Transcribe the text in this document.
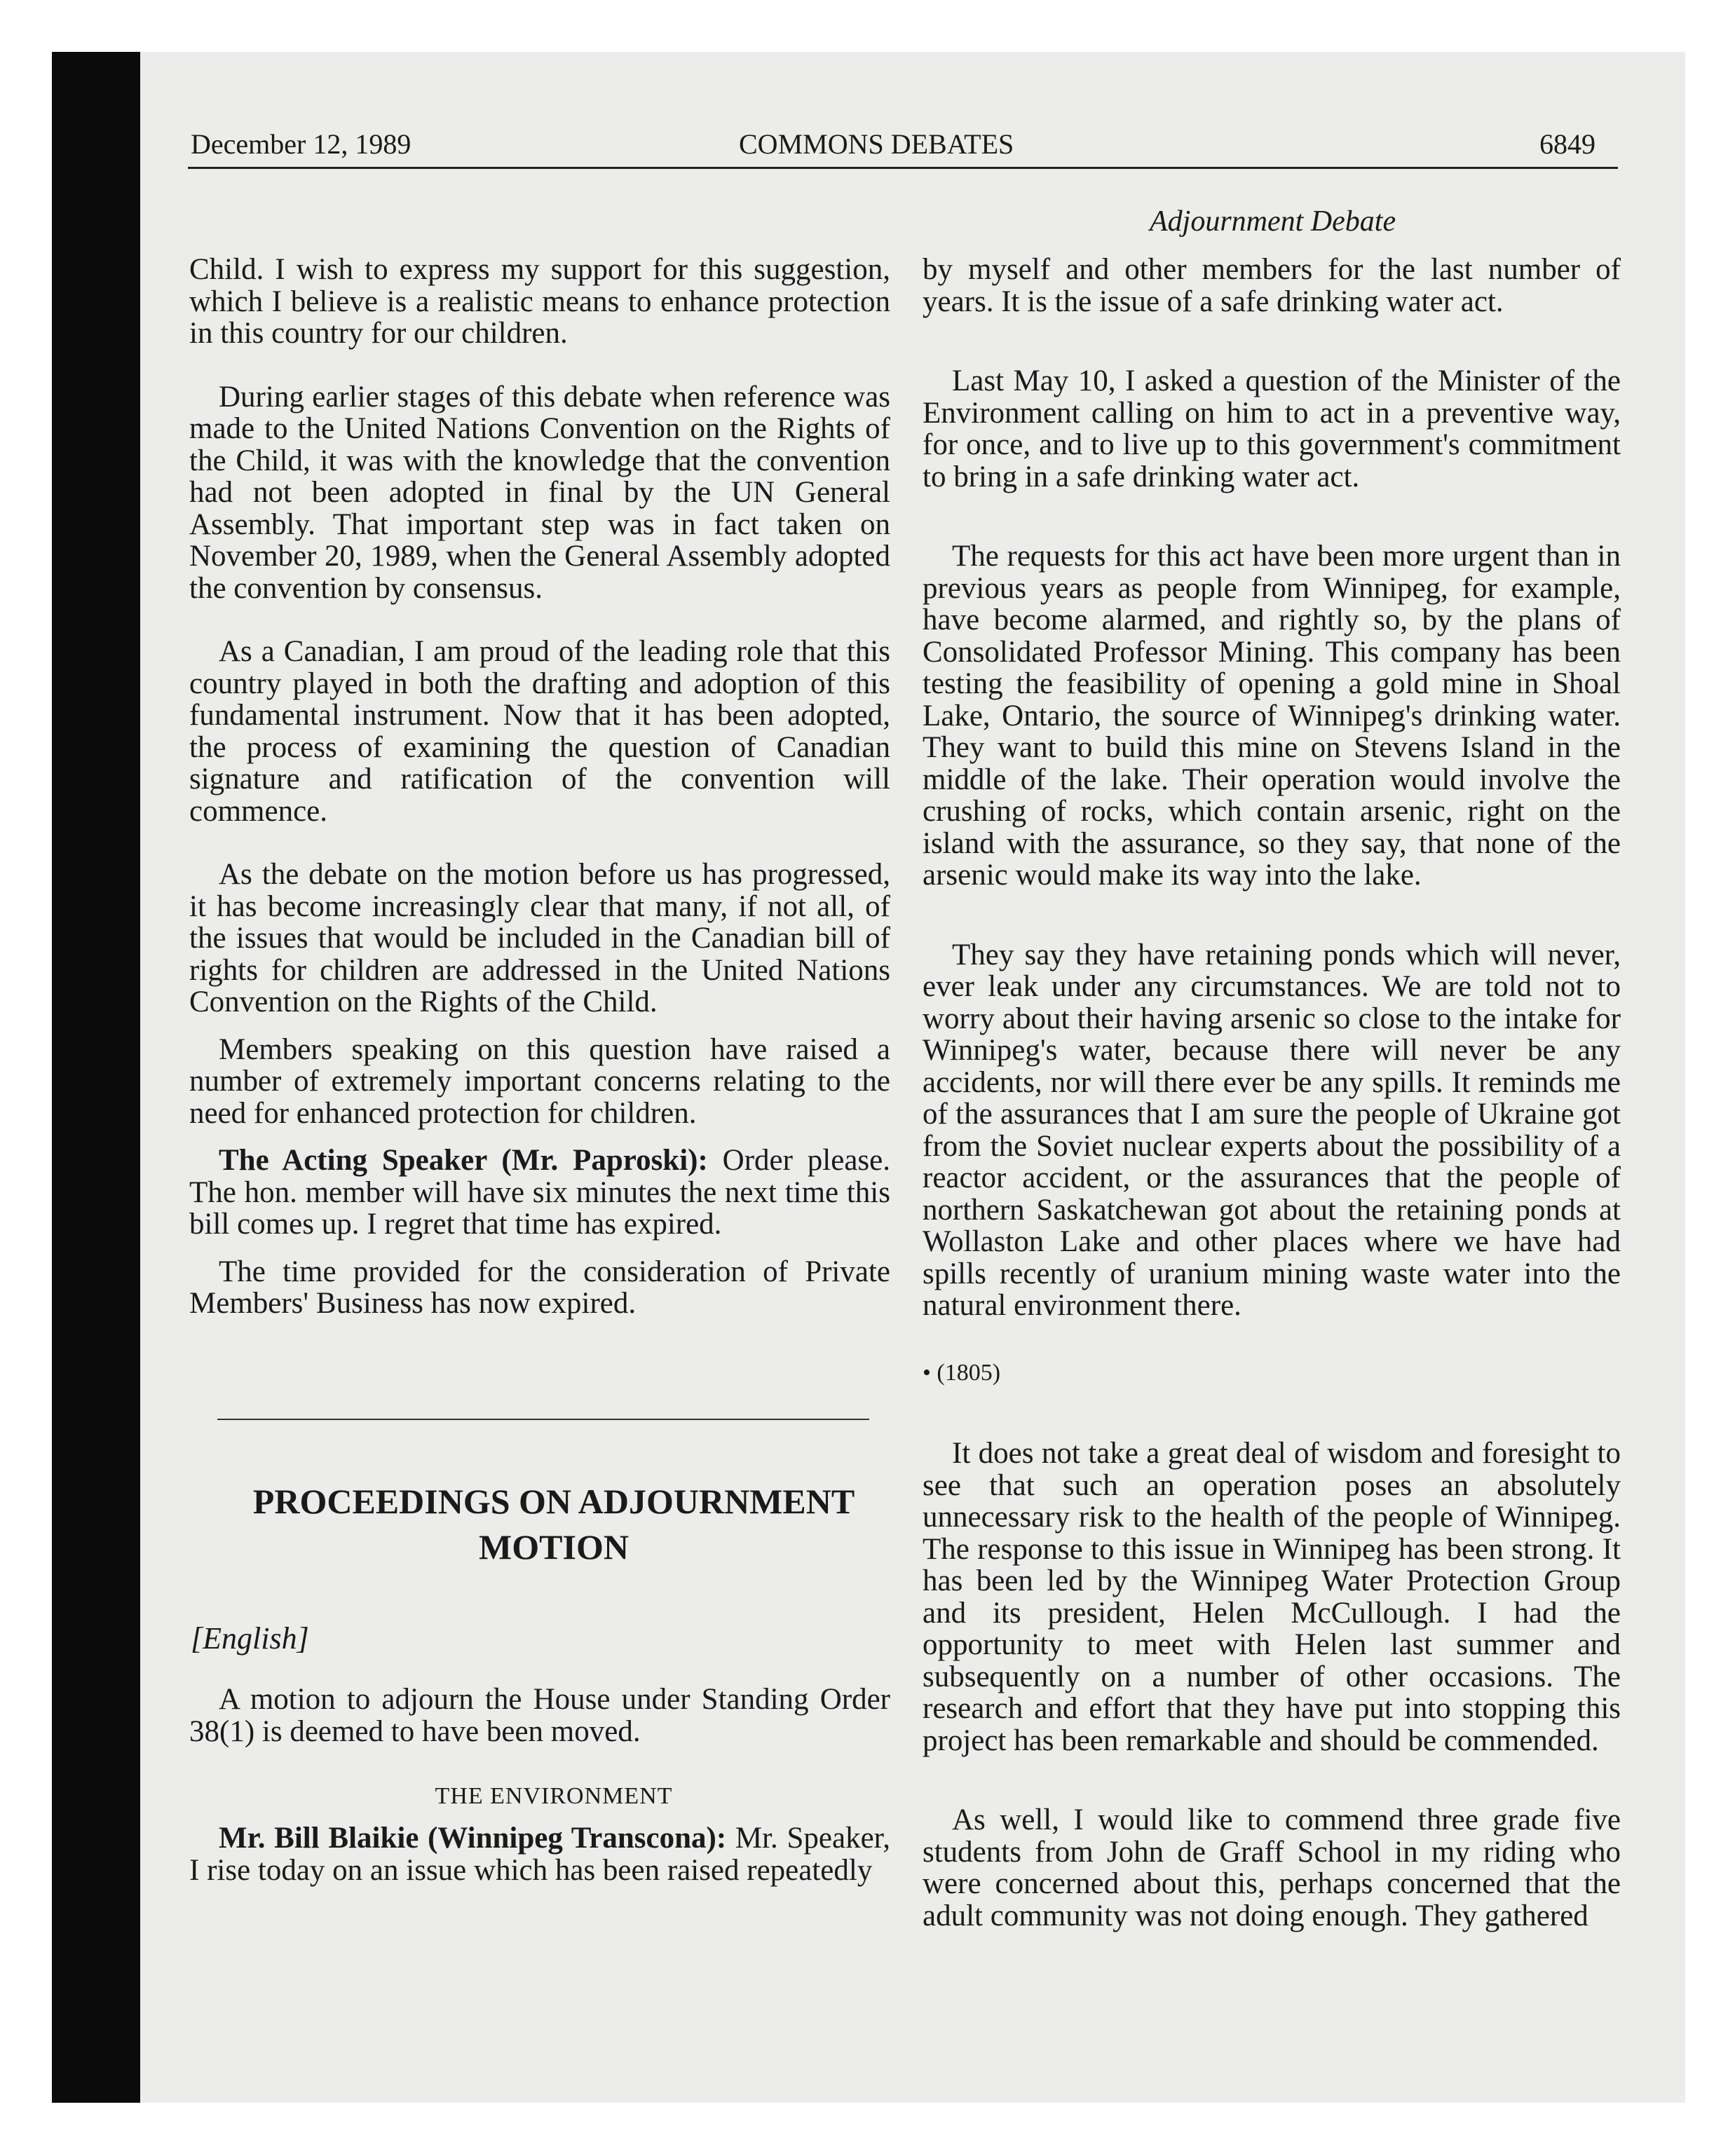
December 12, 1989	COMMONS DEBATES	6849
Adjournment Debate

Child. I wish to express my support for this suggestion, which I believe is a realistic means to enhance protection in this country for our children.

During earlier stages of this debate when reference was made to the United Nations Convention on the Rights of the Child, it was with the knowledge that the convention had not been adopted in final by the UN General Assembly. That important step was in fact taken on November 20, 1989, when the General Assembly adopted the convention by consensus.

As a Canadian, I am proud of the leading role that this country played in both the drafting and adoption of this fundamental instrument. Now that it has been adopted, the process of examining the question of Canadian signature and ratification of the convention will commence.

As the debate on the motion before us has progressed, it has become increasingly clear that many, if not all, of the issues that would be included in the Canadian bill of rights for children are addressed in the United Nations Convention on the Rights of the Child.

Members speaking on this question have raised a number of extremely important concerns relating to the need for enhanced protection for children.

The Acting Speaker (Mr. Paproski): Order please. The hon. member will have six minutes the next time this bill comes up. I regret that time has expired.

The time provided for the consideration of Private Members' Business has now expired.

PROCEEDINGS ON ADJOURNMENT
MOTION
[English]

A motion to adjourn the House under Standing Order 38(1) is deemed to have been moved.

THE ENVIRONMENT

Mr. Bill Blaikie (Winnipeg Transcona): Mr. Speaker, I rise today on an issue which has been raised repeatedly

by myself and other members for the last number of years. It is the issue of a safe drinking water act.

Last May 10, I asked a question of the Minister of the Environment calling on him to act in a preventive way, for once, and to live up to this government's commitment to bring in a safe drinking water act.

The requests for this act have been more urgent than in previous years as people from Winnipeg, for example, have become alarmed, and rightly so, by the plans of Consolidated Professor Mining. This company has been testing the feasibility of opening a gold mine in Shoal Lake, Ontario, the source of Winnipeg's drinking water. They want to build this mine on Stevens Island in the middle of the lake. Their operation would involve the crushing of rocks, which contain arsenic, right on the island with the assurance, so they say, that none of the arsenic would make its way into the lake.

They say they have retaining ponds which will never, ever leak under any circumstances. We are told not to worry about their having arsenic so close to the intake for Winnipeg's water, because there will never be any accidents, nor will there ever be any spills. It reminds me of the assurances that I am sure the people of Ukraine got from the Soviet nuclear experts about the possibility of a reactor accident, or the assurances that the people of northern Saskatchewan got about the retaining ponds at Wollaston Lake and other places where we have had spills recently of uranium mining waste water into the natural environment there.

• (1805)

It does not take a great deal of wisdom and foresight to see that such an operation poses an absolutely unnecessary risk to the health of the people of Winnipeg. The response to this issue in Winnipeg has been strong. It has been led by the Winnipeg Water Protection Group and its president, Helen McCullough. I had the opportunity to meet with Helen last summer and subsequently on a number of other occasions. The research and effort that they have put into stopping this project has been remarkable and should be commended.

As well, I would like to commend three grade five students from John de Graff School in my riding who were concerned about this, perhaps concerned that the adult community was not doing enough. They gathered
